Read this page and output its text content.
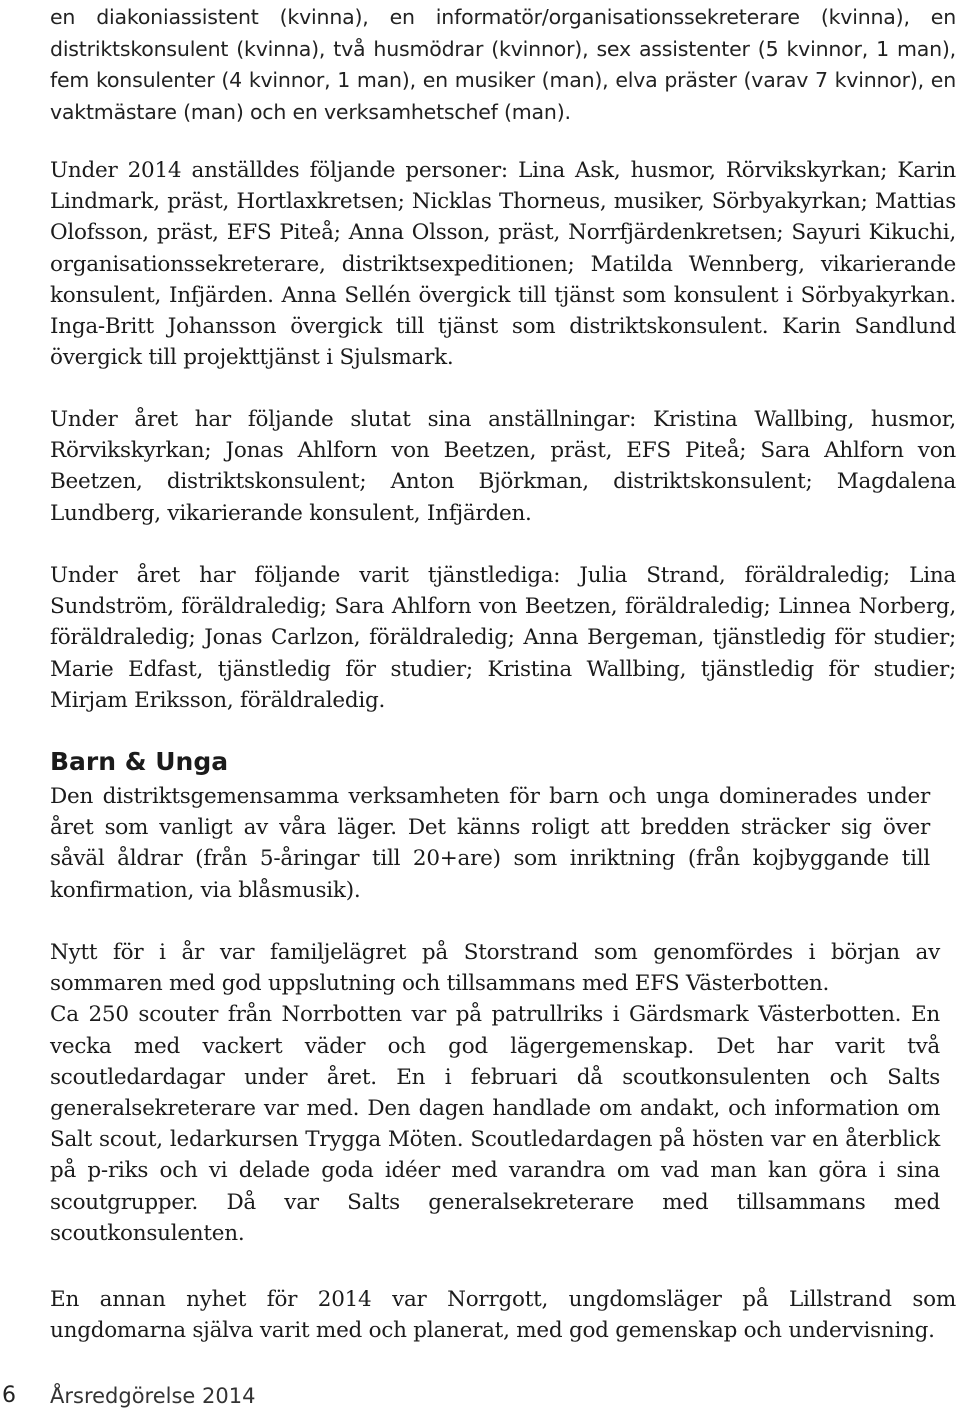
en diakoniassistent (kvinna), en informatör/organisationssekreterare (kvinna), en distriktskonsulent (kvinna), två husmödrar (kvinnor), sex assistenter (5 kvinnor, 1 man), fem konsulenter (4 kvinnor, 1 man), en musiker (man), elva präster (varav 7 kvinnor), en vaktmästare (man) och en verksamhetschef (man).
Under 2014 anställdes följande personer: Lina Ask, husmor, Rörvikskyrkan; Karin Lindmark, präst, Hortlaxkretsen; Nicklas Thorneus, musiker, Sörbyakyrkan; Mattias Olofsson, präst, EFS Piteå; Anna Olsson, präst, Norrfjärdenkretsen; Sayuri Kikuchi, organisationssekreterare, distriktsexpeditionen; Matilda Wennberg, vikarierande konsulent, Infjärden. Anna Sellén övergick till tjänst som konsulent i Sörbyakyrkan. Inga-Britt Johansson övergick till tjänst som distriktskonsulent. Karin Sandlund övergick till projekttjänst i Sjulsmark.
Under året har följande slutat sina anställningar: Kristina Wallbing, husmor, Rörvikskyrkan; Jonas Ahlforn von Beetzen, präst, EFS Piteå; Sara Ahlforn von Beetzen, distriktskonsulent; Anton Björkman, distriktskonsulent; Magdalena Lundberg, vikarierande konsulent, Infjärden.
Under året har följande varit tjänstlediga: Julia Strand, föräldraledig; Lina Sundström, föräldraledig; Sara Ahlforn von Beetzen, föräldraledig; Linnea Norberg, föräldraledig; Jonas Carlzon, föräldraledig; Anna Bergeman, tjänstledig för studier; Marie Edfast, tjänstledig för studier; Kristina Wallbing, tjänstledig för studier; Mirjam Eriksson, föräldraledig.
Barn & Unga
Den distriktsgemensamma verksamheten för barn och unga dominerades under året som vanligt av våra läger. Det känns roligt att bredden sträcker sig över såväl åldrar (från 5-åringar till 20+are) som inriktning (från kojbyggande till konfirmation, via blåsmusik).
Nytt för i år var familjelägret på Storstrand som genomfördes i början av sommaren med god uppslutning och tillsammans med EFS Västerbotten.
Ca 250 scouter från Norrbotten var på patrullriks i Gärdsmark Västerbotten. En vecka med vackert väder och god lägergemenskap. Det har varit två scoutledardagar under året. En i februari då scoutkonsulenten och Salts generalsekreterare var med. Den dagen handlade om andakt, och information om Salt scout, ledarkursen Trygga Möten. Scoutledardagen på hösten var en återblick på p-riks och vi delade goda idéer med varandra om vad man kan göra i sina scoutgrupper. Då var Salts generalsekreterare med tillsammans med scoutkonsulenten.
En annan nyhet för 2014 var Norrgott, ungdomsläger på Lillstrand som ungdomarna själva varit med och planerat, med god gemenskap och undervisning.
6 Årsredgörelse 2014
